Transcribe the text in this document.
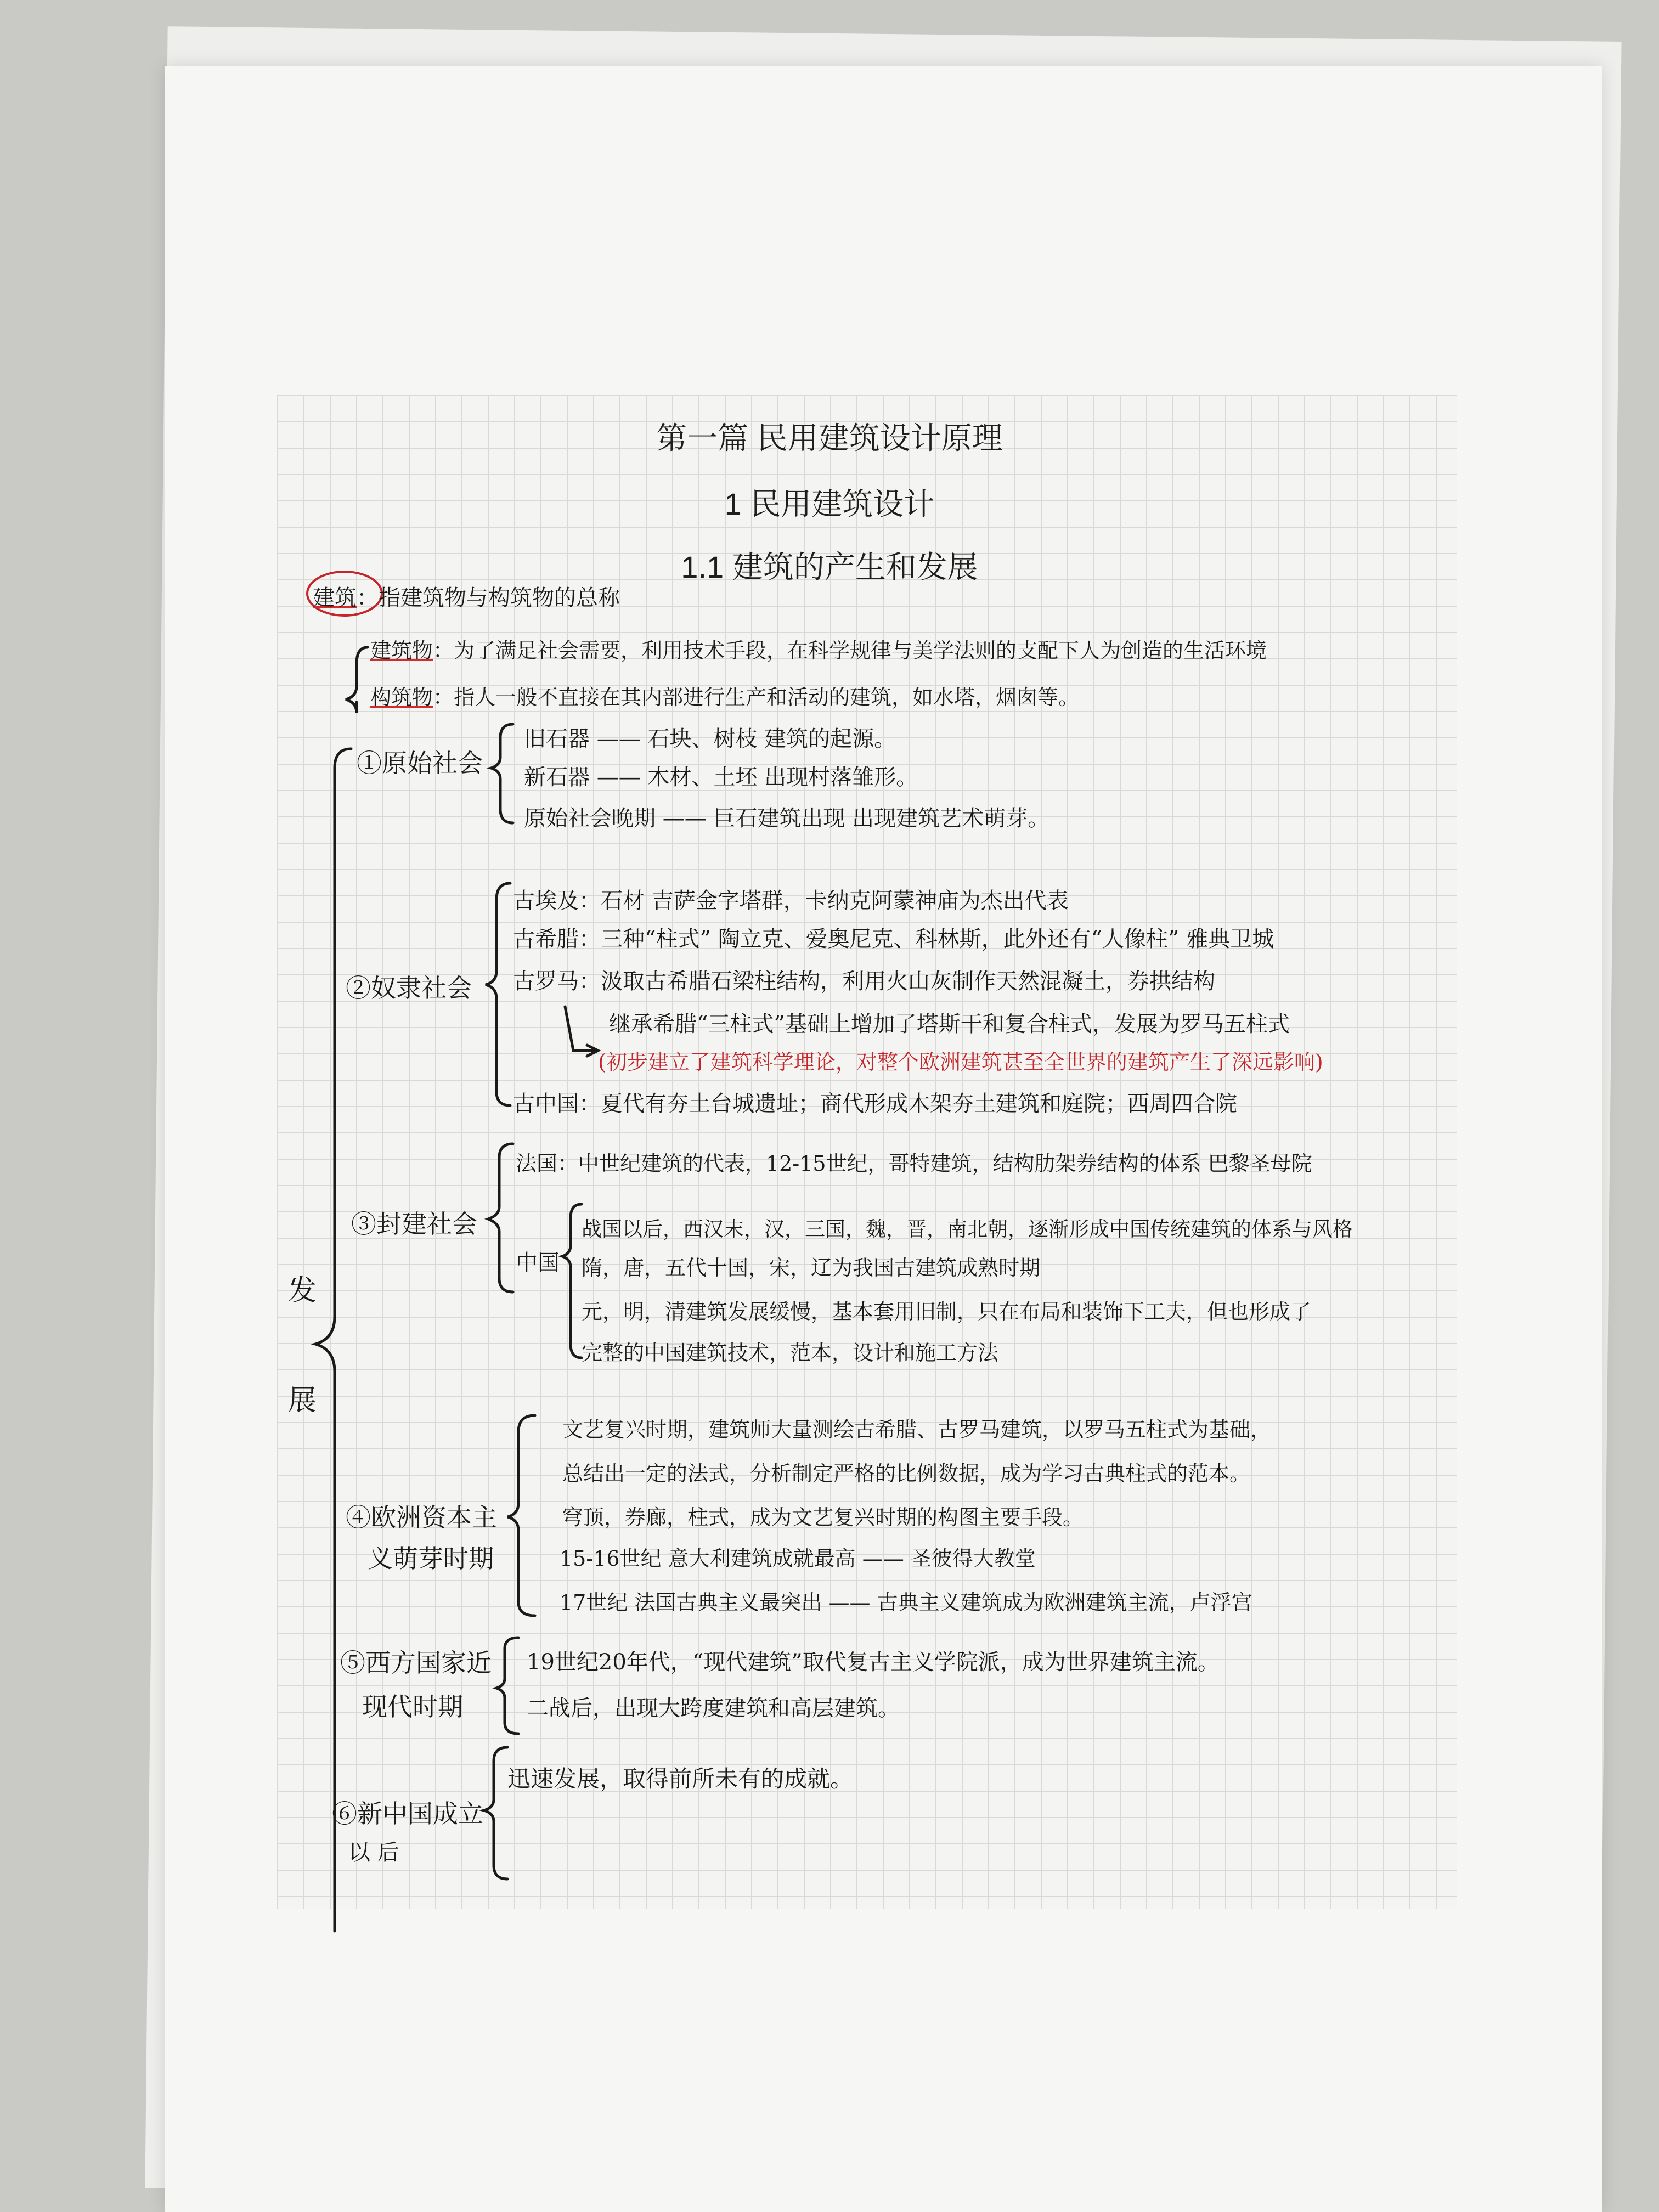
第一篇 民用建筑设计原理
1 民用建筑设计
1.1 建筑的产生和发展
建筑：指建筑物与构筑物的总称
建筑物：为了满足社会需要，利用技术手段，在科学规律与美学法则的支配下人为创造的生活环境
构筑物：指人一般不直接在其内部进行生产和活动的建筑，如水塔，烟囱等。
发
展
①原始社会
旧石器 —— 石块、树枝 建筑的起源。
新石器 —— 木材、土坯 出现村落雏形。
原始社会晚期 —— 巨石建筑出现 出现建筑艺术萌芽。
②奴隶社会
古埃及：石材 吉萨金字塔群，卡纳克阿蒙神庙为杰出代表
古希腊：三种“柱式” 陶立克、爱奥尼克、科林斯，此外还有“人像柱” 雅典卫城
古罗马：汲取古希腊石梁柱结构，利用火山灰制作天然混凝土，券拱结构
继承希腊“三柱式”基础上增加了塔斯干和复合柱式，发展为罗马五柱式
(初步建立了建筑科学理论，对整个欧洲建筑甚至全世界的建筑产生了深远影响)
古中国：夏代有夯土台城遗址；商代形成木架夯土建筑和庭院；西周四合院
③封建社会
法国：中世纪建筑的代表，12-15世纪，哥特建筑，结构肋架券结构的体系 巴黎圣母院
中国
战国以后，西汉末，汉，三国，魏，晋，南北朝，逐渐形成中国传统建筑的体系与风格
隋，唐，五代十国，宋，辽为我国古建筑成熟时期
元，明，清建筑发展缓慢，基本套用旧制，只在布局和装饰下工夫，但也形成了
完整的中国建筑技术，范本，设计和施工方法
④欧洲资本主
义萌芽时期
文艺复兴时期，建筑师大量测绘古希腊、古罗马建筑，以罗马五柱式为基础，
总结出一定的法式，分析制定严格的比例数据，成为学习古典柱式的范本。
穹顶，券廊，柱式，成为文艺复兴时期的构图主要手段。
15-16世纪 意大利建筑成就最高 —— 圣彼得大教堂
17世纪 法国古典主义最突出 —— 古典主义建筑成为欧洲建筑主流，卢浮宫
⑤西方国家近
现代时期
19世纪20年代，“现代建筑”取代复古主义学院派，成为世界建筑主流。
二战后，出现大跨度建筑和高层建筑。
⑥新中国成立
以 后
迅速发展，取得前所未有的成就。
